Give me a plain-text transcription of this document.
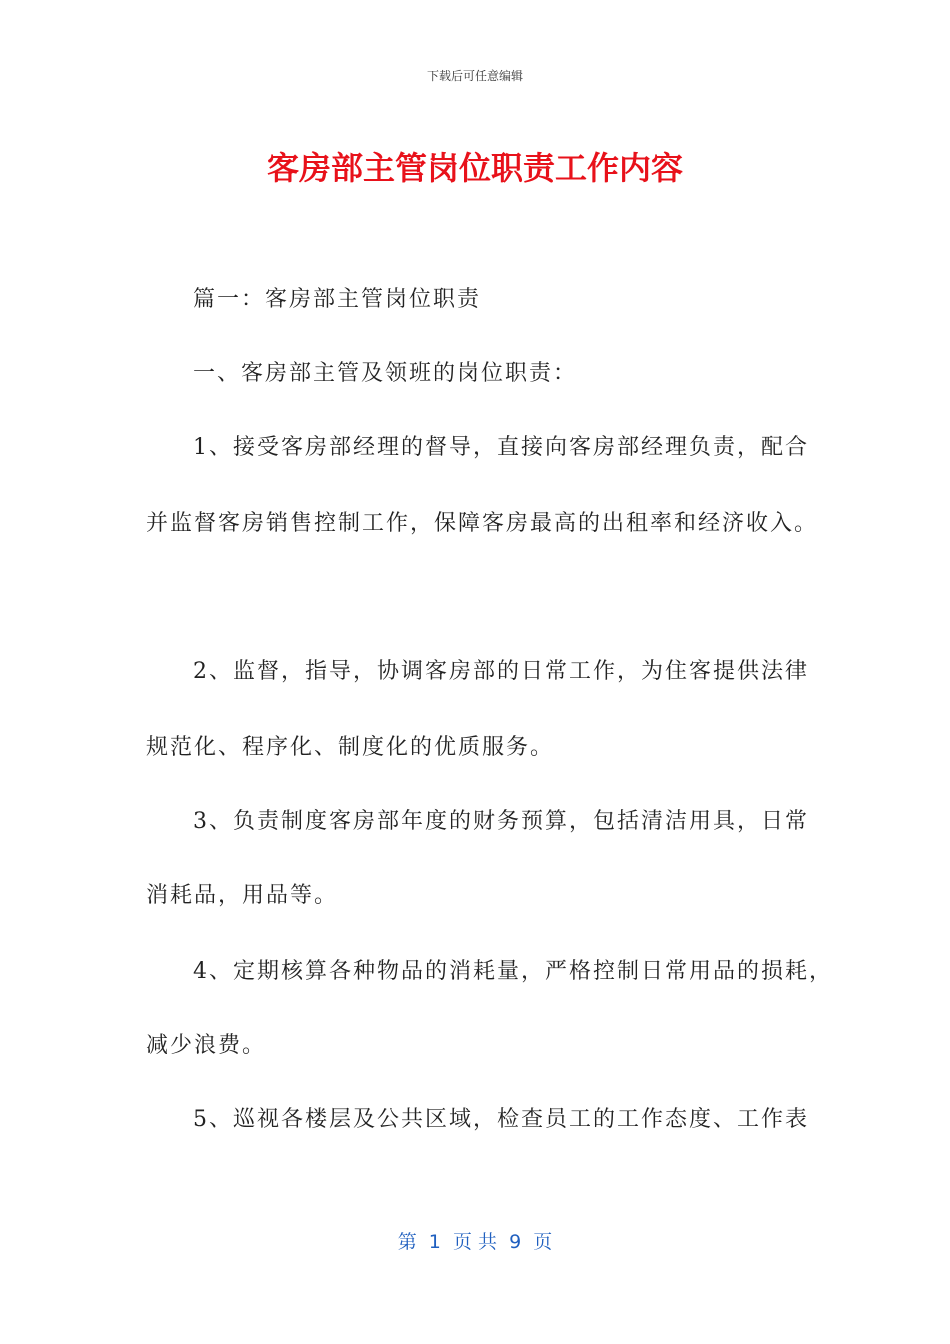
下载后可任意编辑
客房部主管岗位职责工作内容
篇一：客房部主管岗位职责
一、客房部主管及领班的岗位职责：
1、接受客房部经理的督导，直接向客房部经理负责，配合
并监督客房销售控制工作，保障客房最高的出租率和经济收入。
2、监督，指导，协调客房部的日常工作，为住客提供法律
规范化、程序化、制度化的优质服务。
3、负责制度客房部年度的财务预算，包括清洁用具，日常
消耗品，用品等。
4、定期核算各种物品的消耗量，严格控制日常用品的损耗，
减少浪费。
5、巡视各楼层及公共区域，检查员工的工作态度、工作表
第  1  页 共  9  页
